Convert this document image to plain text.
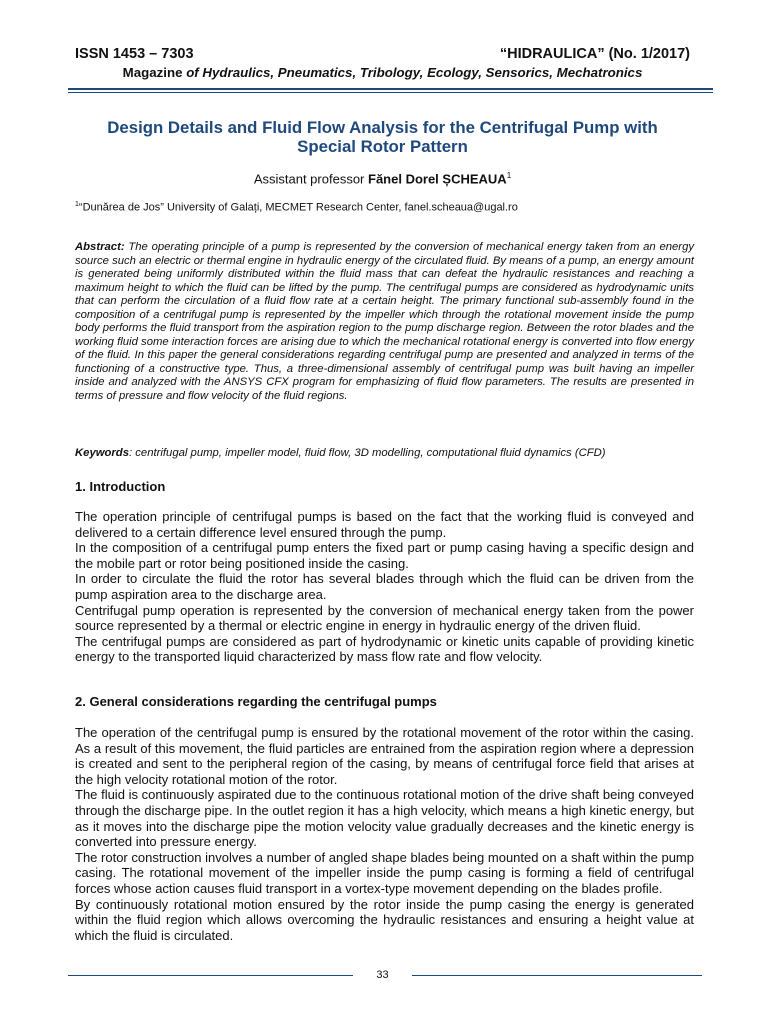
ISSN 1453 – 7303	“HIDRAULICA” (No. 1/2017)
Magazine of Hydraulics, Pneumatics, Tribology, Ecology, Sensorics, Mechatronics
Design Details and Fluid Flow Analysis for the Centrifugal Pump with
Special Rotor Pattern
Assistant professor Fănel Dorel ȘCHEAUA$^1$
$^1$“Dunărea de Jos” University of Galați, MECMET Research Center, fanel.scheaua@ugal.ro
Abstract: The operating principle of a pump is represented by the conversion of mechanical energy taken from an energy source such an electric or thermal engine in hydraulic energy of the circulated fluid. By means of a pump, an energy amount is generated being uniformly distributed within the fluid mass that can defeat the hydraulic resistances and reaching a maximum height to which the fluid can be lifted by the pump. The centrifugal pumps are considered as hydrodynamic units that can perform the circulation of a fluid flow rate at a certain height. The primary functional sub-assembly found in the composition of a centrifugal pump is represented by the impeller which through the rotational movement inside the pump body performs the fluid transport from the aspiration region to the pump discharge region. Between the rotor blades and the working fluid some interaction forces are arising due to which the mechanical rotational energy is converted into flow energy of the fluid. In this paper the general considerations regarding centrifugal pump are presented and analyzed in terms of the functioning of a constructive type. Thus, a three-dimensional assembly of centrifugal pump was built having an impeller inside and analyzed with the ANSYS CFX program for emphasizing of fluid flow parameters. The results are presented in terms of pressure and flow velocity of the fluid regions.
Keywords: centrifugal pump, impeller model, fluid flow, 3D modelling, computational fluid dynamics (CFD)
1. Introduction

The operation principle of centrifugal pumps is based on the fact that the working fluid is conveyed and delivered to a certain difference level ensured through the pump.

In the composition of a centrifugal pump enters the fixed part or pump casing having a specific design and the mobile part or rotor being positioned inside the casing.

In order to circulate the fluid the rotor has several blades through which the fluid can be driven from the pump aspiration area to the discharge area.

Centrifugal pump operation is represented by the conversion of mechanical energy taken from the power source represented by a thermal or electric engine in energy in hydraulic energy of the driven fluid.

The centrifugal pumps are considered as part of hydrodynamic or kinetic units capable of providing kinetic energy to the transported liquid characterized by mass flow rate and flow velocity.

2. General considerations regarding the centrifugal pumps

The operation of the centrifugal pump is ensured by the rotational movement of the rotor within the casing. As a result of this movement, the fluid particles are entrained from the aspiration region where a depression is created and sent to the peripheral region of the casing, by means of centrifugal force field that arises at the high velocity rotational motion of the rotor.

The fluid is continuously aspirated due to the continuous rotational motion of the drive shaft being conveyed through the discharge pipe. In the outlet region it has a high velocity, which means a high kinetic energy, but as it moves into the discharge pipe the motion velocity value gradually decreases and the kinetic energy is converted into pressure energy.

The rotor construction involves a number of angled shape blades being mounted on a shaft within the pump casing. The rotational movement of the impeller inside the pump casing is forming a field of centrifugal forces whose action causes fluid transport in a vortex-type movement depending on the blades profile.

By continuously rotational motion ensured by the rotor inside the pump casing the energy is generated within the fluid region which allows overcoming the hydraulic resistances and ensuring a height value at which the fluid is circulated.

33
